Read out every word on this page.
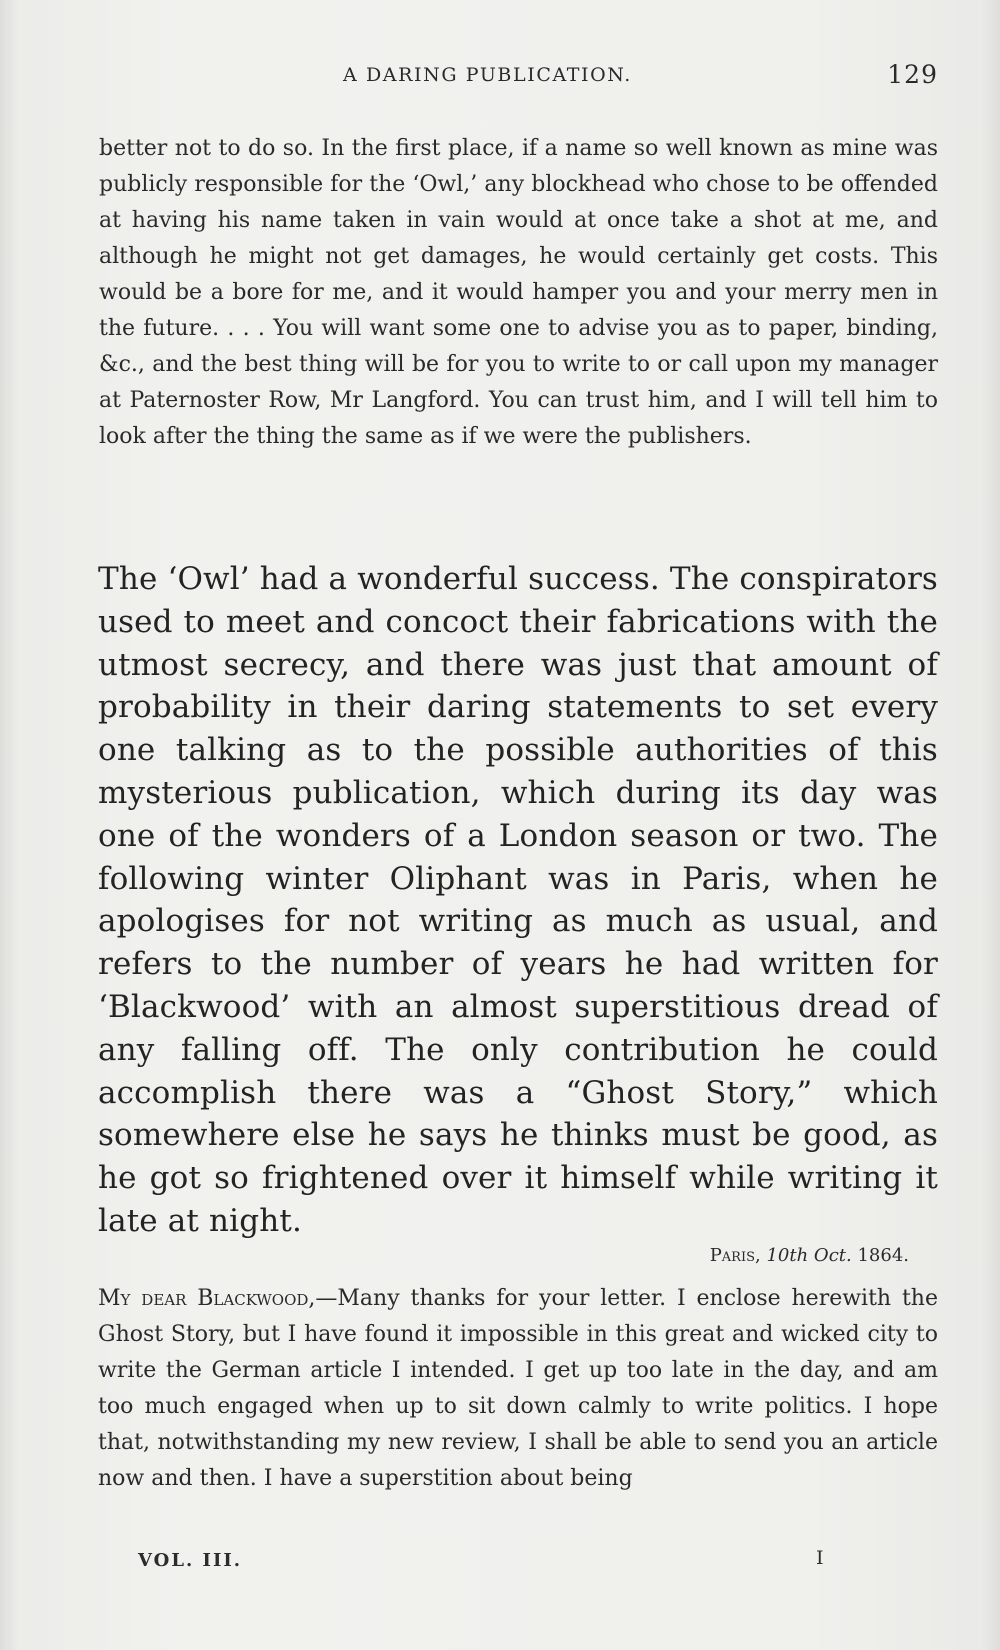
A DARING PUBLICATION.	129

better not to do so. In the first place, if a name so well known as mine was publicly responsible for the ‘Owl,’ any blockhead who chose to be offended at having his name taken in vain would at once take a shot at me, and although he might not get damages, he would certainly get costs. This would be a bore for me, and it would hamper you and your merry men in the future. . . . You will want some one to advise you as to paper, binding, &c., and the best thing will be for you to write to or call upon my manager at Paternoster Row, Mr Langford. You can trust him, and I will tell him to look after the thing the same as if we were the publishers.

The ‘Owl’ had a wonderful success. The conspirators used to meet and concoct their fabrications with the utmost secrecy, and there was just that amount of probability in their daring statements to set every one talking as to the possible authorities of this mysterious publication, which during its day was one of the wonders of a London season or two. The following winter Oliphant was in Paris, when he apologises for not writing as much as usual, and refers to the number of years he had written for ‘Blackwood’ with an almost superstitious dread of any falling off. The only contribution he could accomplish there was a “Ghost Story,” which somewhere else he says he thinks must be good, as he got so frightened over it himself while writing it late at night.

Paris, 10th Oct. 1864.

My dear Blackwood,—Many thanks for your letter. I enclose herewith the Ghost Story, but I have found it impossible in this great and wicked city to write the German article I intended. I get up too late in the day, and am too much engaged when up to sit down calmly to write politics. I hope that, notwithstanding my new review, I shall be able to send you an article now and then. I have a superstition about being

VOL. III.	I
